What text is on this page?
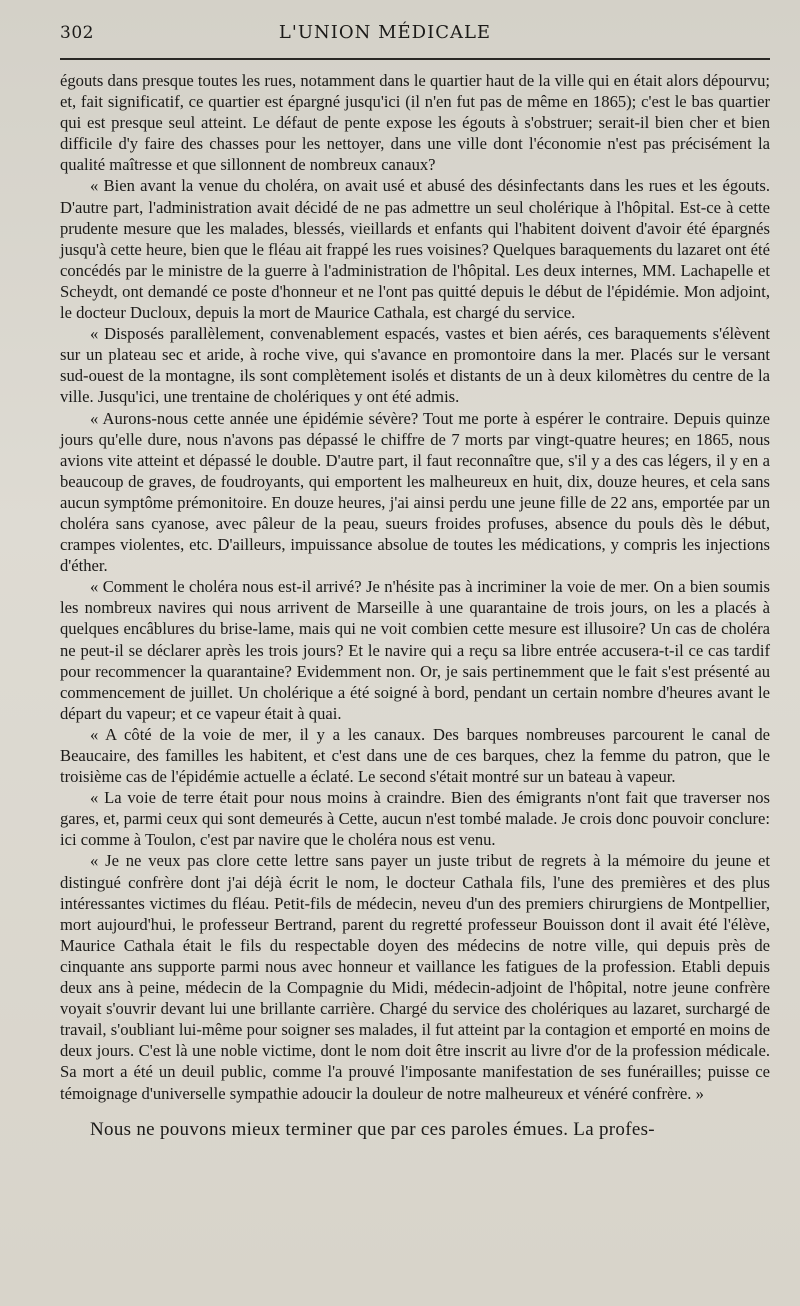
302	L'UNION MÉDICALE

égouts dans presque toutes les rues, notamment dans le quartier haut de la ville qui en était alors dépourvu; et, fait significatif, ce quartier est épargné jusqu'ici (il n'en fut pas de même en 1865); c'est le bas quartier qui est presque seul atteint. Le défaut de pente expose les égouts à s'obstruer; serait-il bien cher et bien difficile d'y faire des chasses pour les nettoyer, dans une ville dont l'économie n'est pas précisément la qualité maîtresse et que sillonnent de nombreux canaux?

« Bien avant la venue du choléra, on avait usé et abusé des désinfectants dans les rues et les égouts. D'autre part, l'administration avait décidé de ne pas admettre un seul cholérique à l'hôpital. Est-ce à cette prudente mesure que les malades, blessés, vieillards et enfants qui l'habitent doivent d'avoir été épargnés jusqu'à cette heure, bien que le fléau ait frappé les rues voisines? Quelques baraquements du lazaret ont été concédés par le ministre de la guerre à l'administration de l'hôpital. Les deux internes, MM. Lachapelle et Scheydt, ont demandé ce poste d'honneur et ne l'ont pas quitté depuis le début de l'épidémie. Mon adjoint, le docteur Ducloux, depuis la mort de Maurice Cathala, est chargé du service.

« Disposés parallèlement, convenablement espacés, vastes et bien aérés, ces baraquements s'élèvent sur un plateau sec et aride, à roche vive, qui s'avance en promontoire dans la mer. Placés sur le versant sud-ouest de la montagne, ils sont complètement isolés et distants de un à deux kilomètres du centre de la ville. Jusqu'ici, une trentaine de cholériques y ont été admis.

« Aurons-nous cette année une épidémie sévère? Tout me porte à espérer le contraire. Depuis quinze jours qu'elle dure, nous n'avons pas dépassé le chiffre de 7 morts par vingt-quatre heures; en 1865, nous avions vite atteint et dépassé le double. D'autre part, il faut reconnaître que, s'il y a des cas légers, il y en a beaucoup de graves, de foudroyants, qui emportent les malheureux en huit, dix, douze heures, et cela sans aucun symptôme prémonitoire. En douze heures, j'ai ainsi perdu une jeune fille de 22 ans, emportée par un choléra sans cyanose, avec pâleur de la peau, sueurs froides profuses, absence du pouls dès le début, crampes violentes, etc. D'ailleurs, impuissance absolue de toutes les médications, y compris les injections d'éther.

« Comment le choléra nous est-il arrivé? Je n'hésite pas à incriminer la voie de mer. On a bien soumis les nombreux navires qui nous arrivent de Marseille à une quarantaine de trois jours, on les a placés à quelques encâblures du brise-lame, mais qui ne voit combien cette mesure est illusoire? Un cas de choléra ne peut-il se déclarer après les trois jours? Et le navire qui a reçu sa libre entrée accusera-t-il ce cas tardif pour recommencer la quarantaine? Evidemment non. Or, je sais pertinemment que le fait s'est présenté au commencement de juillet. Un cholérique a été soigné à bord, pendant un certain nombre d'heures avant le départ du vapeur; et ce vapeur était à quai.

« A côté de la voie de mer, il y a les canaux. Des barques nombreuses parcourent le canal de Beaucaire, des familles les habitent, et c'est dans une de ces barques, chez la femme du patron, que le troisième cas de l'épidémie actuelle a éclaté. Le second s'était montré sur un bateau à vapeur.

« La voie de terre était pour nous moins à craindre. Bien des émigrants n'ont fait que traverser nos gares, et, parmi ceux qui sont demeurés à Cette, aucun n'est tombé malade. Je crois donc pouvoir conclure: ici comme à Toulon, c'est par navire que le choléra nous est venu.

« Je ne veux pas clore cette lettre sans payer un juste tribut de regrets à la mémoire du jeune et distingué confrère dont j'ai déjà écrit le nom, le docteur Cathala fils, l'une des premières et des plus intéressantes victimes du fléau. Petit-fils de médecin, neveu d'un des premiers chirurgiens de Montpellier, mort aujourd'hui, le professeur Bertrand, parent du regretté professeur Bouisson dont il avait été l'élève, Maurice Cathala était le fils du respectable doyen des médecins de notre ville, qui depuis près de cinquante ans supporte parmi nous avec honneur et vaillance les fatigues de la profession. Etabli depuis deux ans à peine, médecin de la Compagnie du Midi, médecin-adjoint de l'hôpital, notre jeune confrère voyait s'ouvrir devant lui une brillante carrière. Chargé du service des cholériques au lazaret, surchargé de travail, s'oubliant lui-même pour soigner ses malades, il fut atteint par la contagion et emporté en moins de deux jours. C'est là une noble victime, dont le nom doit être inscrit au livre d'or de la profession médicale. Sa mort a été un deuil public, comme l'a prouvé l'imposante manifestation de ses funérailles; puisse ce témoignage d'universelle sympathie adoucir la douleur de notre malheureux et vénéré confrère. »

Nous ne pouvons mieux terminer que par ces paroles émues. La profes-
